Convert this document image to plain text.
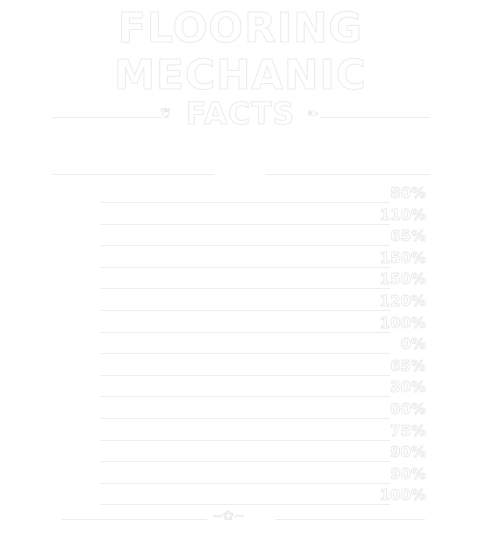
FLOORING
MECHANIC
FACTS
❦	❧
80%
110%
65%
150%
150%
120%
100%
0%
65%
30%
00%
75%
90%
90%
100%
~❀~
